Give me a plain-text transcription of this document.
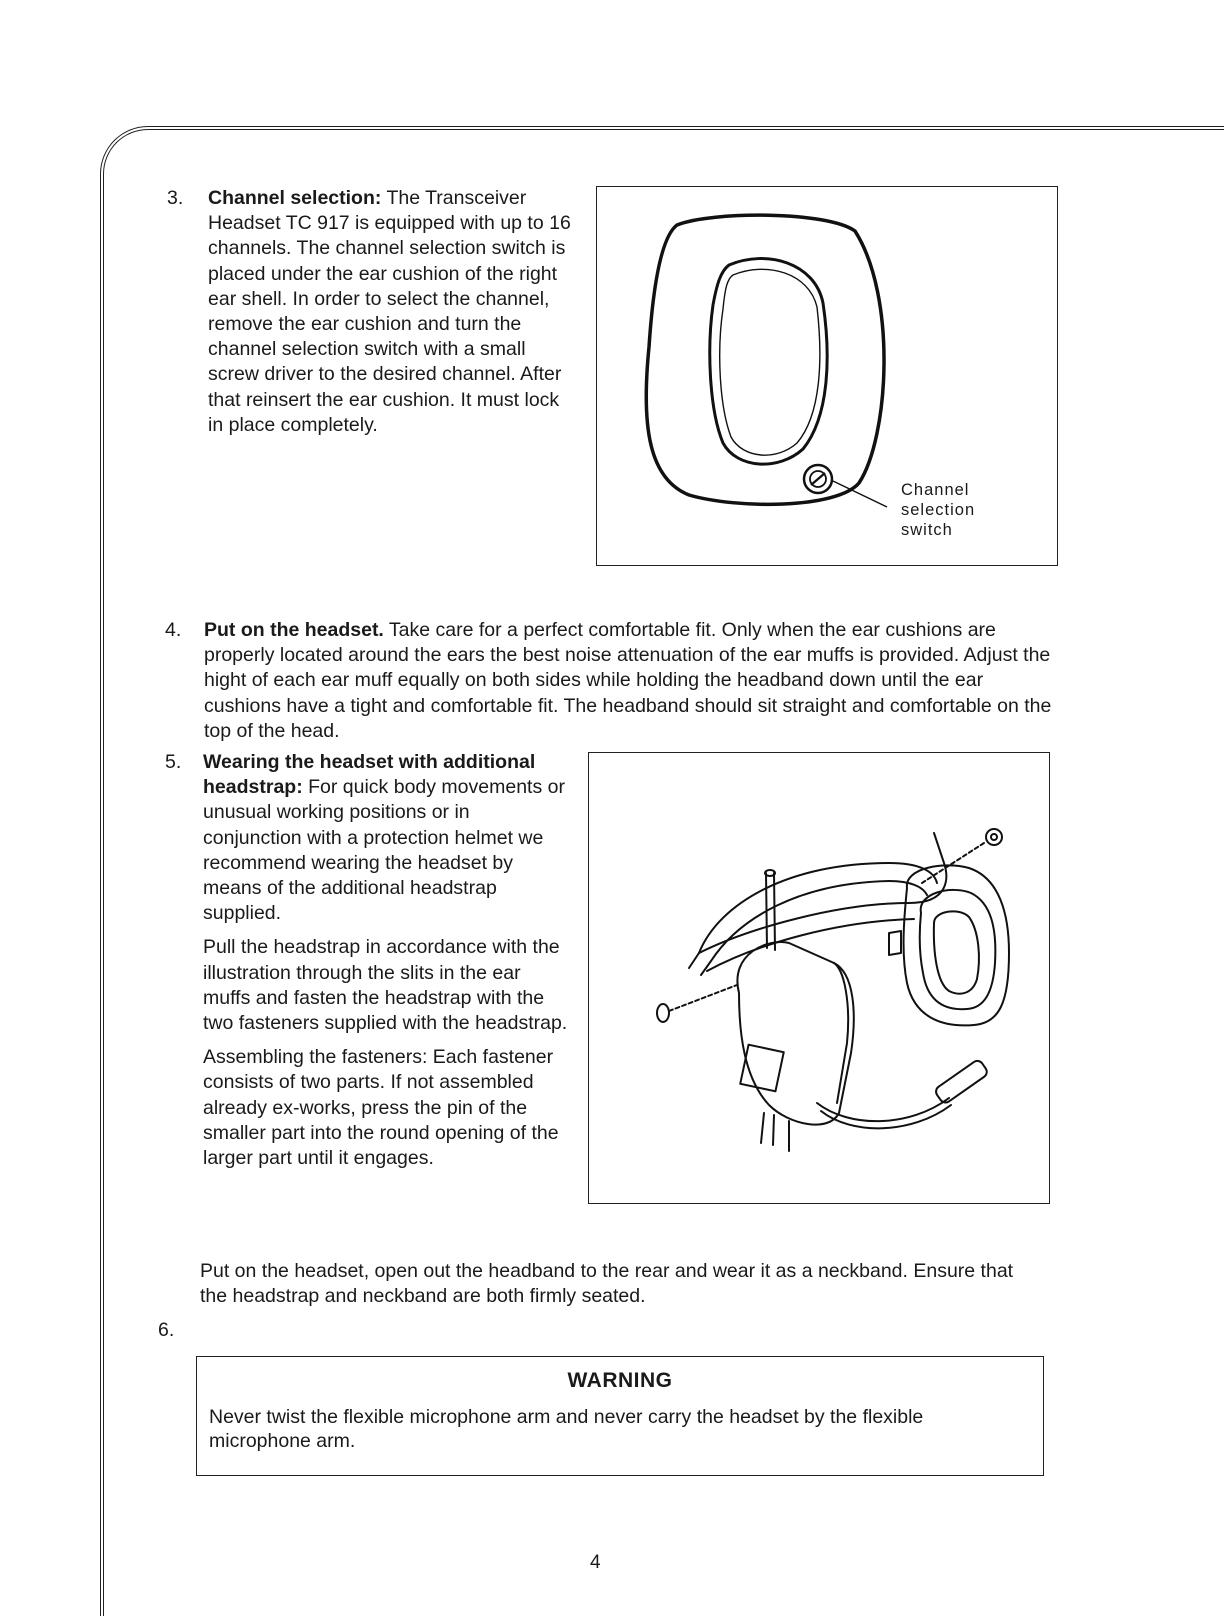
3. Channel selection: The Transceiver Headset TC 917 is equipped with up to 16 channels. The channel selection switch is placed under the ear cushion of the right ear shell. In order to select the channel, remove the ear cushion and turn the channel selection switch with a small screw driver to the desired channel. After that reinsert the ear cushion. It must lock in place completely.
Channel
selection
switch
4. Put on the headset. Take care for a perfect comfortable fit. Only when the ear cushions are properly located around the ears the best noise attenuation of the ear muffs is provided. Adjust the hight of each ear muff equally on both sides while holding the headband down until the ear cushions have a tight and comfortable fit. The headband should sit straight and comfortable on the top of the head.
5. Wearing the headset with additional headstrap: For quick body movements or unusual working positions or in conjunction with a protection helmet we recommend wearing the headset by means of the additional headstrap supplied.

Pull the headstrap in accordance with the illustration through the slits in the ear muffs and fasten the headstrap with the two fasteners supplied with the headstrap.

Assembling the fasteners: Each fastener consists of two parts. If not assembled already ex-works, press the pin of the smaller part into the round opening of the larger part until it engages.

Put on the headset, open out the headband to the rear and wear it as a neckband. Ensure that the headstrap and neckband are both firmly seated.
6.
WARNING
Never twist the flexible microphone arm and never carry the headset by the flexible microphone arm.
4
